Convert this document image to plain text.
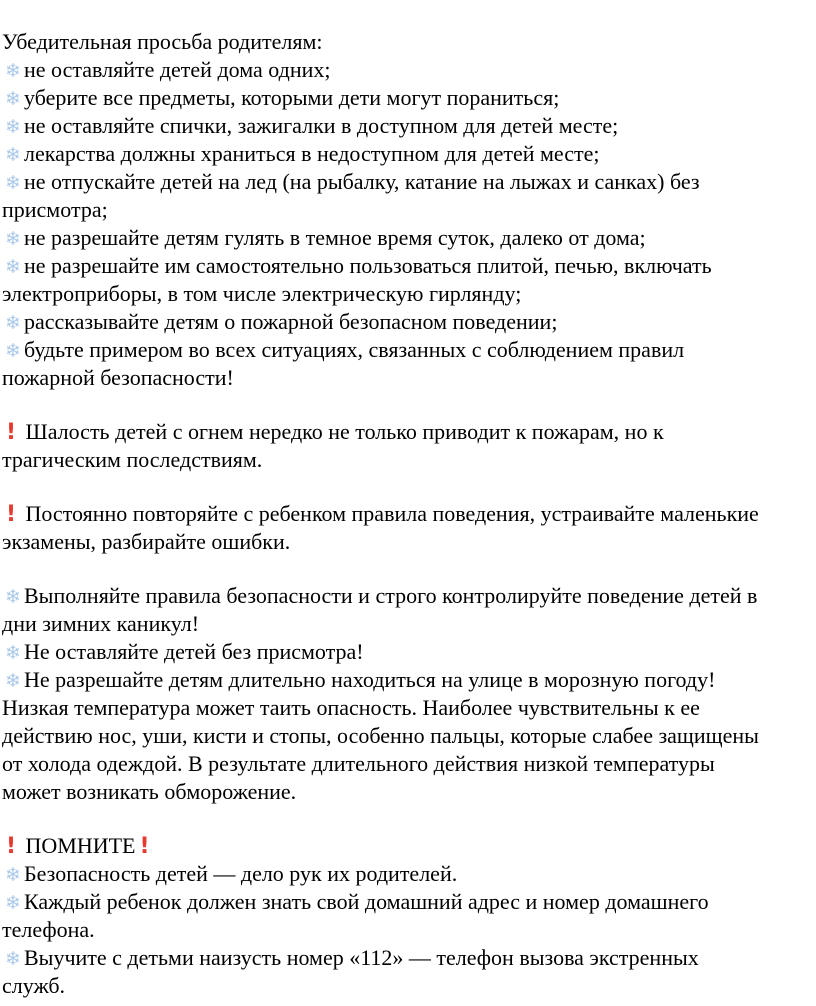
Убедительная просьба родителям:
❄ не оставляйте детей дома одних;
❄ уберите все предметы, которыми дети могут пораниться;
❄ не оставляйте спички, зажигалки в доступном для детей месте;
❄ лекарства должны храниться в недоступном для детей месте;
❄ не отпускайте детей на лед (на рыбалку, катание на лыжах и санках) без
присмотра;
❄ не разрешайте детям гулять в темное время суток, далеко от дома;
❄ не разрешайте им самостоятельно пользоваться плитой, печью, включать
электроприборы, в том числе электрическую гирлянду;
❄ рассказывайте детям о пожарной безопасном поведении;
❄ будьте примером во всех ситуациях, связанных с соблюдением правил
пожарной безопасности!
! Шалость детей с огнем нередко не только приводит к пожарам, но к
трагическим последствиям.
! Постоянно повторяйте с ребенком правила поведения, устраивайте маленькие
экзамены, разбирайте ошибки.
❄ Выполняйте правила безопасности и строго контролируйте поведение детей в
дни зимних каникул!
❄ Не оставляйте детей без присмотра!
❄ Не разрешайте детям длительно находиться на улице в морозную погоду!
Низкая температура может таить опасность. Наиболее чувствительны к ее
действию нос, уши, кисти и стопы, особенно пальцы, которые слабее защищены
от холода одеждой. В результате длительного действия низкой температуры
может возникать обморожение.
! ПОМНИТЕ !
❄ Безопасность детей — дело рук их родителей.
❄ Каждый ребенок должен знать свой домашний адрес и номер домашнего
телефона.
❄ Выучите с детьми наизусть номер «112» — телефон вызова экстренных
служб.
